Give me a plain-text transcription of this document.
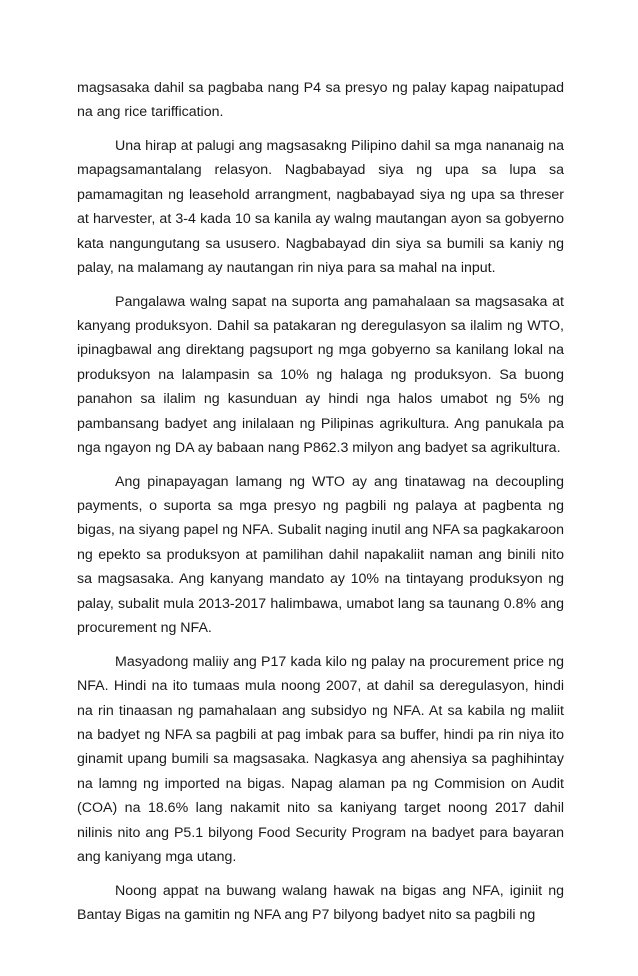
magsasaka dahil sa pagbaba nang P4 sa presyo ng palay kapag naipatupad na ang rice tariffication.

Una hirap at palugi ang magsasakng Pilipino dahil sa mga nananaig na mapagsamantalang relasyon. Nagbabayad siya ng upa sa lupa sa pamamagitan ng leasehold arrangment, nagbabayad siya ng upa sa threser at harvester, at 3-4 kada 10 sa kanila ay walng mautangan ayon sa gobyerno kata nangungutang sa ususero. Nagbabayad din siya sa bumili sa kaniy ng palay, na malamang ay nautangan rin niya para sa mahal na input.

Pangalawa walng sapat na suporta ang pamahalaan sa magsasaka at kanyang produksyon. Dahil sa patakaran ng deregulasyon sa ilalim ng WTO, ipinagbawal ang direktang pagsuport ng mga gobyerno sa kanilang lokal na produksyon na lalampasin sa 10% ng halaga ng produksyon. Sa buong panahon sa ilalim ng kasunduan ay hindi nga halos umabot ng 5% ng pambansang badyet ang inilalaan ng Pilipinas agrikultura. Ang panukala pa nga ngayon ng DA ay babaan nang P862.3 milyon ang badyet sa agrikultura.

Ang pinapayagan lamang ng WTO ay ang tinatawag na decoupling payments, o suporta sa mga presyo ng pagbili ng palaya at pagbenta ng bigas, na siyang papel ng NFA. Subalit naging inutil ang NFA sa pagkakaroon ng epekto sa produksyon at pamilihan dahil napakaliit naman ang binili nito sa magsasaka. Ang kanyang mandato ay 10% na tintayang produksyon ng palay, subalit mula 2013-2017 halimbawa, umabot lang sa taunang 0.8% ang procurement ng NFA.

Masyadong maliiy ang P17 kada kilo ng palay na procurement price ng NFA. Hindi na ito tumaas mula noong 2007, at dahil sa deregulasyon, hindi na rin tinaasan ng pamahalaan ang subsidyo ng NFA. At sa kabila ng maliit na badyet ng NFA sa pagbili at pag imbak para sa buffer, hindi pa rin niya ito ginamit upang bumili sa magsasaka. Nagkasya ang ahensiya sa paghihintay na lamng ng imported na bigas. Napag alaman pa ng Commision on Audit (COA) na 18.6% lang nakamit nito sa kaniyang target noong 2017 dahil nilinis nito ang P5.1 bilyong Food Security Program na badyet para bayaran ang kaniyang mga utang.

Noong appat na buwang walang hawak na bigas ang NFA, iginiit ng Bantay Bigas na gamitin ng NFA ang P7 bilyong badyet nito sa pagbili ng
